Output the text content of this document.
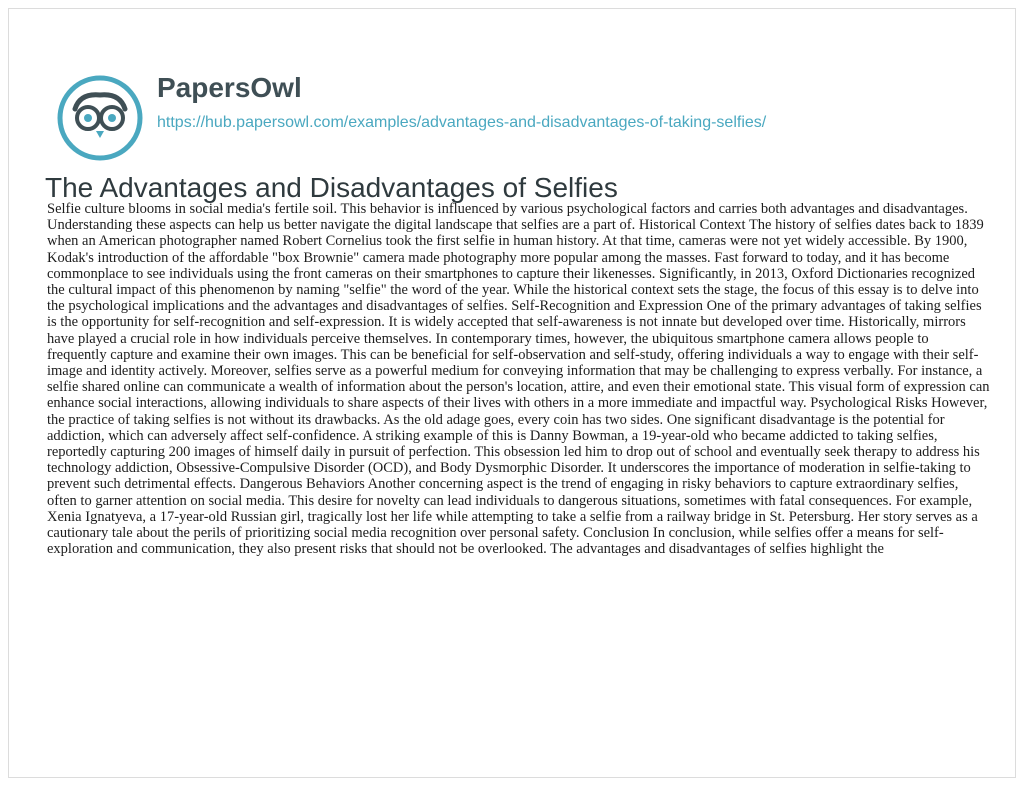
PapersOwl
https://hub.papersowl.com/examples/advantages-and-disadvantages-of-taking-selfies/
The Advantages and Disadvantages of Selfies

Selfie culture blooms in social media's fertile soil. This behavior is influenced by various psychological factors and carries both advantages and disadvantages. Understanding these aspects can help us better navigate the digital landscape that selfies are a part of. Historical Context The history of selfies dates back to 1839 when an American photographer named Robert Cornelius took the first selfie in human history. At that time, cameras were not yet widely accessible. By 1900, Kodak's introduction of the affordable "box Brownie" camera made photography more popular among the masses. Fast forward to today, and it has become commonplace to see individuals using the front cameras on their smartphones to capture their likenesses. Significantly, in 2013, Oxford Dictionaries recognized the cultural impact of this phenomenon by naming "selfie" the word of the year. While the historical context sets the stage, the focus of this essay is to delve into the psychological implications and the advantages and disadvantages of selfies. Self-Recognition and Expression One of the primary advantages of taking selfies is the opportunity for self-recognition and self-expression. It is widely accepted that self-awareness is not innate but developed over time. Historically, mirrors have played a crucial role in how individuals perceive themselves. In contemporary times, however, the ubiquitous smartphone camera allows people to frequently capture and examine their own images. This can be beneficial for self-observation and self-study, offering individuals a way to engage with their self-image and identity actively. Moreover, selfies serve as a powerful medium for conveying information that may be challenging to express verbally. For instance, a selfie shared online can communicate a wealth of information about the person's location, attire, and even their emotional state. This visual form of expression can enhance social interactions, allowing individuals to share aspects of their lives with others in a more immediate and impactful way. Psychological Risks However, the practice of taking selfies is not without its drawbacks. As the old adage goes, every coin has two sides. One significant disadvantage is the potential for addiction, which can adversely affect self-confidence. A striking example of this is Danny Bowman, a 19-year-old who became addicted to taking selfies, reportedly capturing 200 images of himself daily in pursuit of perfection. This obsession led him to drop out of school and eventually seek therapy to address his technology addiction, Obsessive-Compulsive Disorder (OCD), and Body Dysmorphic Disorder. It underscores the importance of moderation in selfie-taking to prevent such detrimental effects. Dangerous Behaviors Another concerning aspect is the trend of engaging in risky behaviors to capture extraordinary selfies, often to garner attention on social media. This desire for novelty can lead individuals to dangerous situations, sometimes with fatal consequences. For example, Xenia Ignatyeva, a 17-year-old Russian girl, tragically lost her life while attempting to take a selfie from a railway bridge in St. Petersburg. Her story serves as a cautionary tale about the perils of prioritizing social media recognition over personal safety. Conclusion In conclusion, while selfies offer a means for self-exploration and communication, they also present risks that should not be overlooked. The advantages and disadvantages of selfies highlight the
